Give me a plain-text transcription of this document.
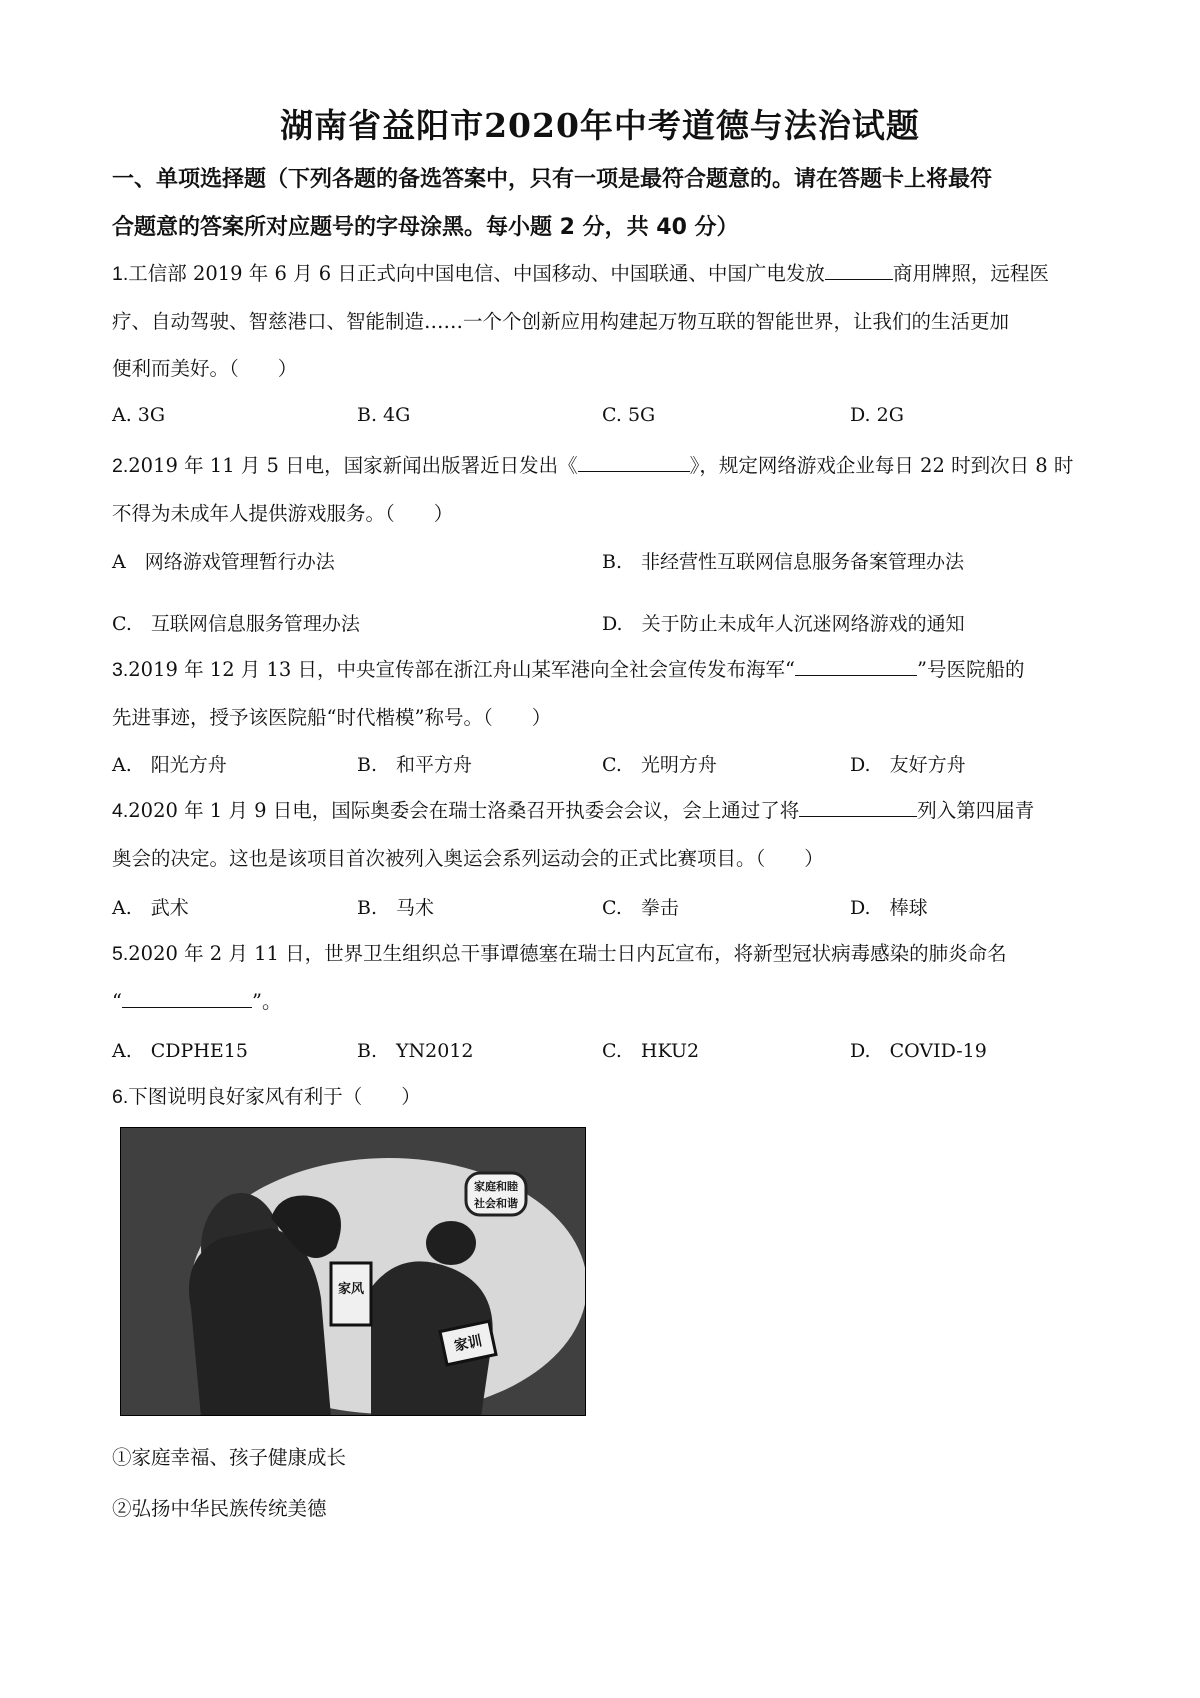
湖南省益阳市2020年中考道德与法治试题
一、单项选择题（下列各题的备选答案中，只有一项是最符合题意的。请在答题卡上将最符
合题意的答案所对应题号的字母涂黑。每小题 2 分，共 40 分）
1.工信部 2019 年 6 月 6 日正式向中国电信、中国移动、中国联通、中国广电发放	商用牌照，远程医
疗、自动驾驶、智慈港口、智能制造……一个个创新应用构建起万物互联的智能世界，让我们的生活更加
便利而美好。（　　）
A. 3G	B. 4G	C. 5G	D. 2G
2.2019 年 11 月 5 日电，国家新闻出版署近日发出《	》，规定网络游戏企业每日 22 时到次日 8 时
不得为未成年人提供游戏服务。（　　）
A　网络游戏管理暂行办法	B.　非经营性互联网信息服务备案管理办法
C.　互联网信息服务管理办法	D.　关于防止未成年人沉迷网络游戏的通知
3.2019 年 12 月 13 日，中央宣传部在浙江舟山某军港向全社会宣传发布海军“	”号医院船的
先进事迹，授予该医院船“时代楷模”称号。（　　）
A.　阳光方舟	B.　和平方舟	C.　光明方舟	D.　友好方舟
4.2020 年 1 月 9 日电，国际奥委会在瑞士洛桑召开执委会会议，会上通过了将	列入第四届青
奥会的决定。这也是该项目首次被列入奥运会系列运动会的正式比赛项目。（　　）
A.　武术	B.　马术	C.　拳击	D.　棒球
5.2020 年 2 月 11 日，世界卫生组织总干事谭德塞在瑞士日内瓦宣布，将新型冠状病毒感染的肺炎命名
“	”。
A.　CDPHE15	B.　YN2012	C.　HKU2	D.　COVID-19
6.下图说明良好家风有利于（　　）
家庭和睦
社会和谐
家风
家训
①家庭幸福、孩子健康成长
②弘扬中华民族传统美德
